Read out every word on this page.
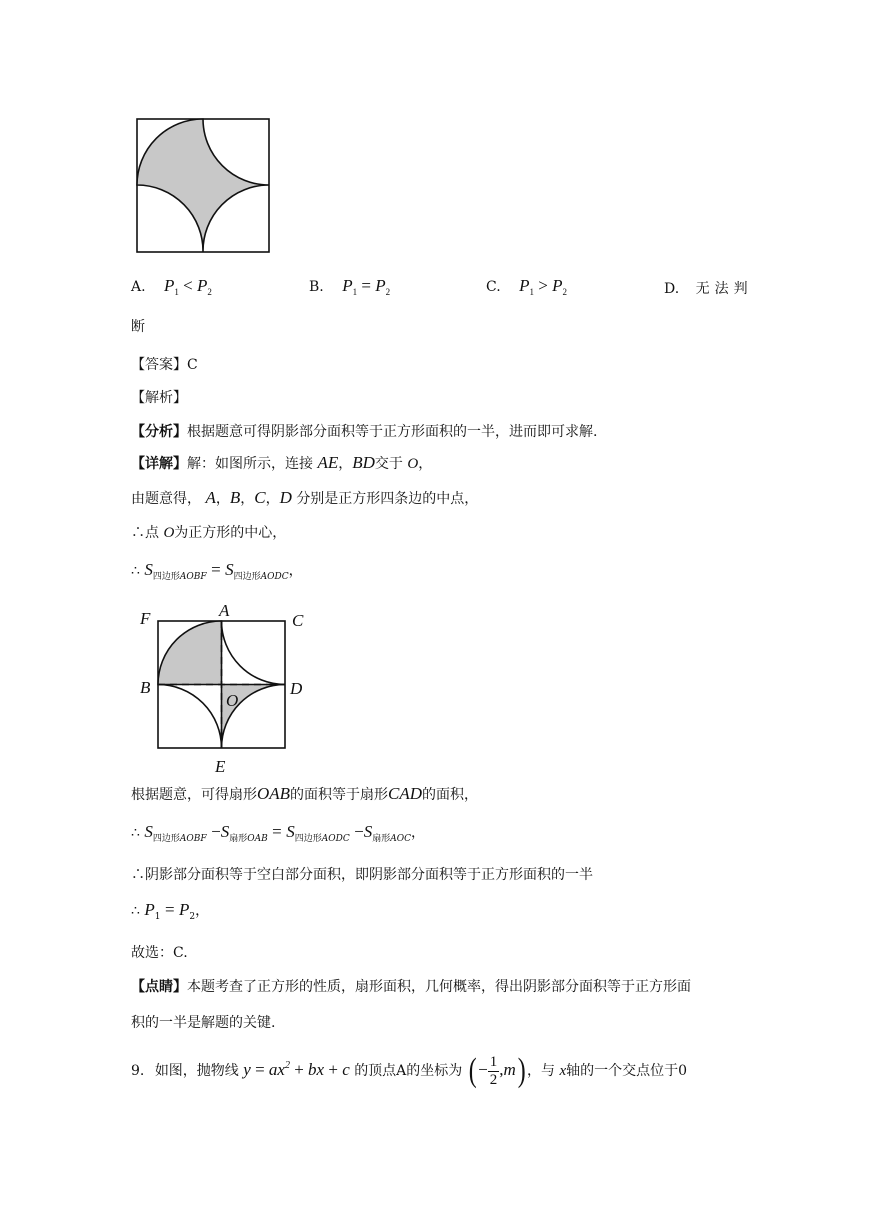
A. $P_1 < P_2$	B. $P_1 = P_2$	C. $P_1 > P_2$	D. 无法判
断
【答案】C
【解析】
【分析】根据题意可得阴影部分面积等于正方形面积的一半，进而即可求解.
【详解】解：如图所示，连接 AE，BD交于 O，
由题意得， A，B，C，D 分别是正方形四条边的中点，
∴点 O为正方形的中心，
∴ $S_{四边形AOBF} = S_{四边形AODC}$，
F	A
C
B
O
D
E
根据题意，可得扇形OAB的面积等于扇形CAD的面积，
∴ $S_{四边形AOBF} -S_{扇形OAB} = S_{四边形AODC} -S_{扇形AOC}$，
∴阴影部分面积等于空白部分面积，即阴影部分面积等于正方形面积的一半
∴ $P_1 = P_2$，
故选：C.
【点睛】本题考查了正方形的性质，扇形面积，几何概率，得出阴影部分面积等于正方形面
积的一半是解题的关键.
9. 如图，抛物线 $y = ax^2$ + bx + c 的顶点A的坐标为 (− $\frac{1}{2} ,m$) ，与 x轴的一个交点位于0
